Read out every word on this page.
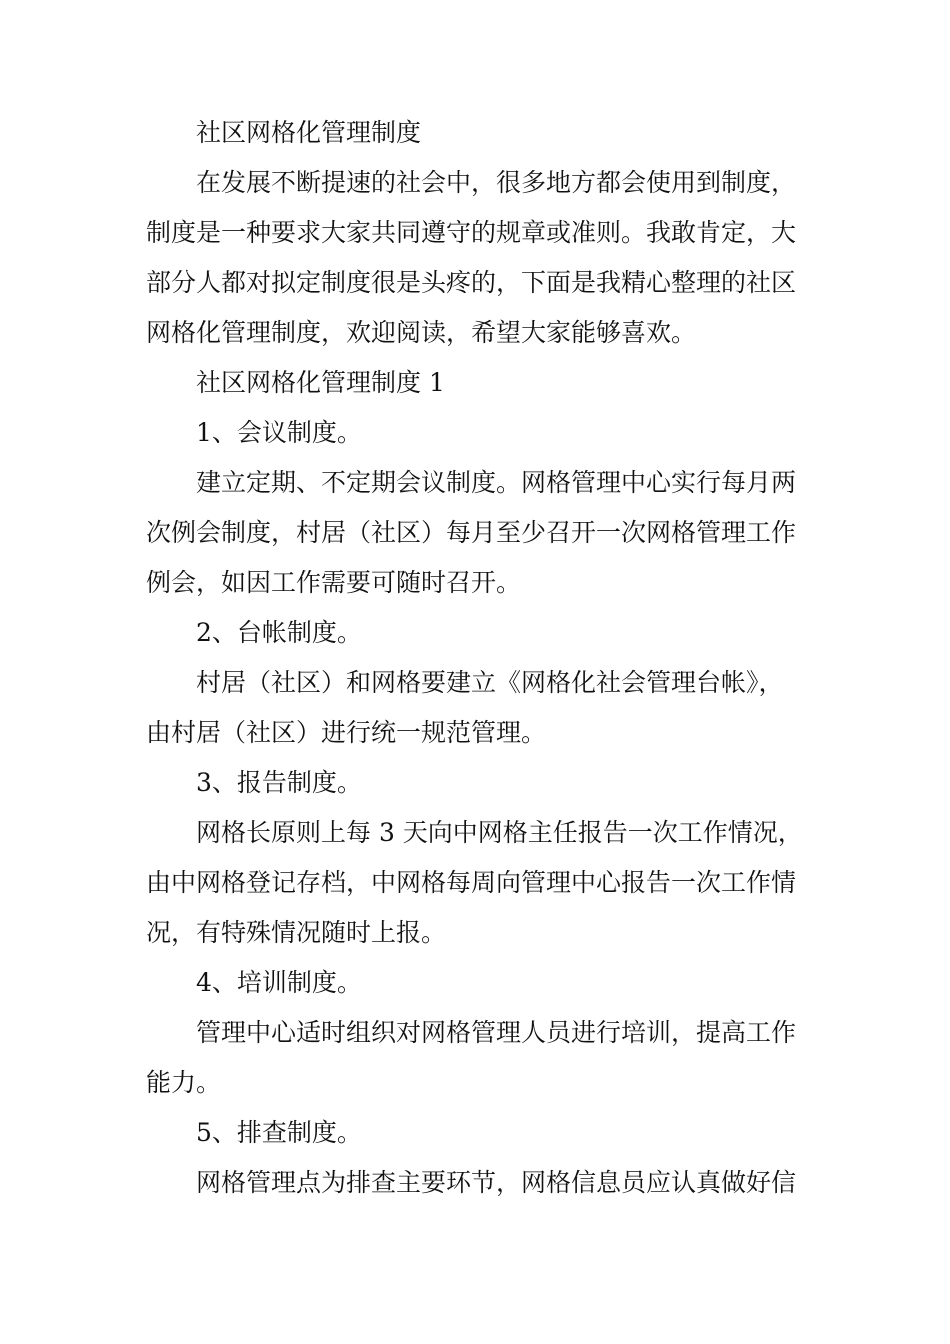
社区网格化管理制度
在发展不断提速的社会中，很多地方都会使用到制度，
制度是一种要求大家共同遵守的规章或准则。我敢肯定，大
部分人都对拟定制度很是头疼的，下面是我精心整理的社区
网格化管理制度，欢迎阅读，希望大家能够喜欢。
社区网格化管理制度 1
1、会议制度。
建立定期、不定期会议制度。网格管理中心实行每月两
次例会制度，村居（社区）每月至少召开一次网格管理工作
例会，如因工作需要可随时召开。
2、台帐制度。
村居（社区）和网格要建立《网格化社会管理台帐》，
由村居（社区）进行统一规范管理。
3、报告制度。
网格长原则上每 3 天向中网格主任报告一次工作情况，
由中网格登记存档，中网格每周向管理中心报告一次工作情
况，有特殊情况随时上报。
4、培训制度。
管理中心适时组织对网格管理人员进行培训，提高工作
能力。
5、排查制度。
网格管理点为排查主要环节，网格信息员应认真做好信
